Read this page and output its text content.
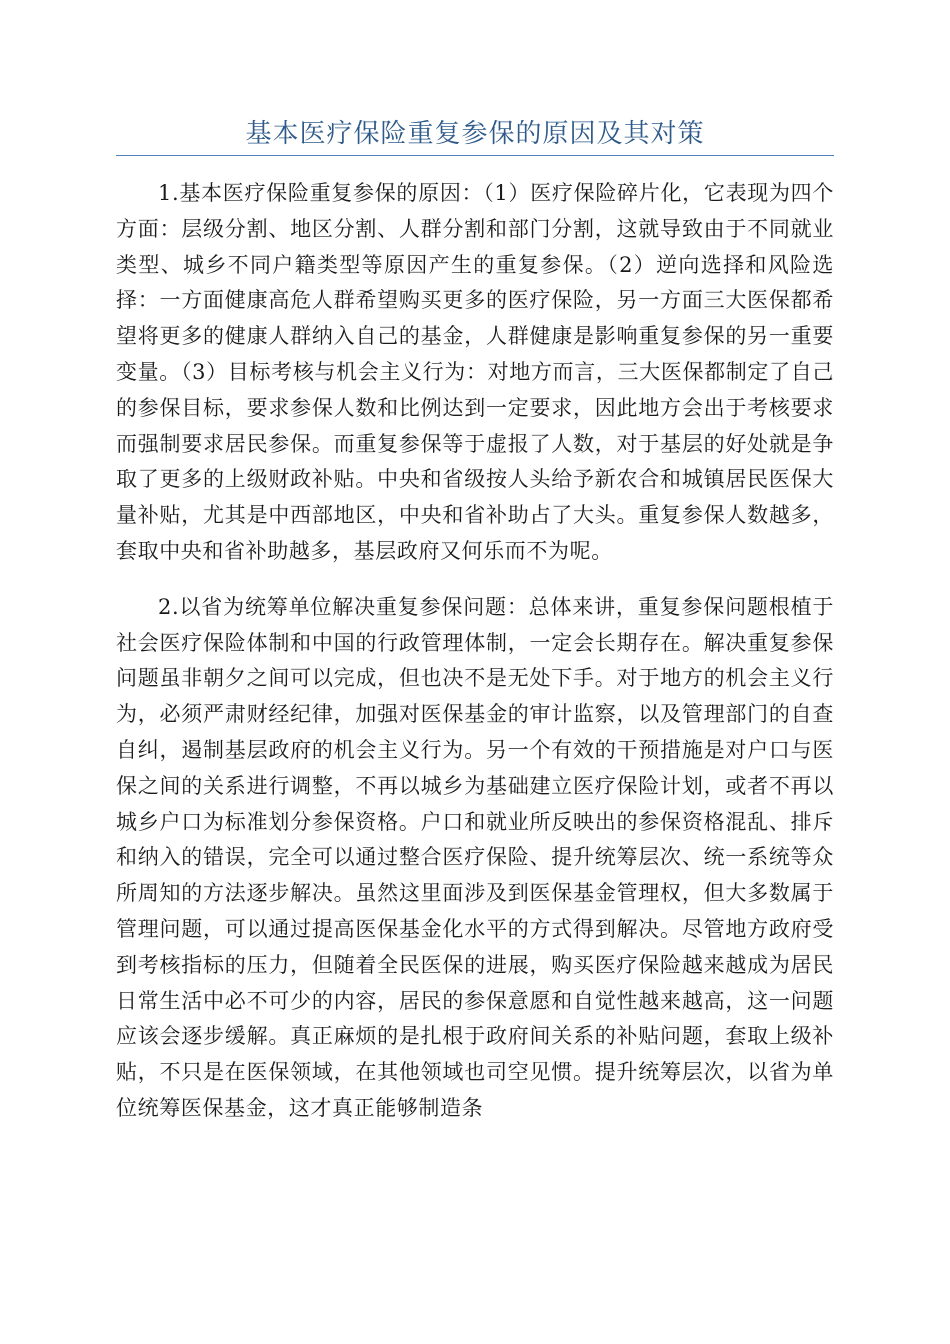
基本医疗保险重复参保的原因及其对策

1.基本医疗保险重复参保的原因：（1）医疗保险碎片化，它表现为四个方面：层级分割、地区分割、人群分割和部门分割，这就导致由于不同就业类型、城乡不同户籍类型等原因产生的重复参保。（2）逆向选择和风险选择：一方面健康高危人群希望购买更多的医疗保险，另一方面三大医保都希望将更多的健康人群纳入自己的基金，人群健康是影响重复参保的另一重要变量。（3）目标考核与机会主义行为：对地方而言，三大医保都制定了自己的参保目标，要求参保人数和比例达到一定要求，因此地方会出于考核要求而强制要求居民参保。而重复参保等于虚报了人数，对于基层的好处就是争取了更多的上级财政补贴。中央和省级按人头给予新农合和城镇居民医保大量补贴，尤其是中西部地区，中央和省补助占了大头。重复参保人数越多，套取中央和省补助越多，基层政府又何乐而不为呢。

2.以省为统筹单位解决重复参保问题：总体来讲，重复参保问题根植于社会医疗保险体制和中国的行政管理体制，一定会长期存在。解决重复参保问题虽非朝夕之间可以完成，但也决不是无处下手。对于地方的机会主义行为，必须严肃财经纪律，加强对医保基金的审计监察，以及管理部门的自查自纠，遏制基层政府的机会主义行为。另一个有效的干预措施是对户口与医保之间的关系进行调整，不再以城乡为基础建立医疗保险计划，或者不再以城乡户口为标准划分参保资格。户口和就业所反映出的参保资格混乱、排斥和纳入的错误，完全可以通过整合医疗保险、提升统筹层次、统一系统等众所周知的方法逐步解决。虽然这里面涉及到医保基金管理权，但大多数属于管理问题，可以通过提高医保基金化水平的方式得到解决。尽管地方政府受到考核指标的压力，但随着全民医保的进展，购买医疗保险越来越成为居民日常生活中必不可少的内容，居民的参保意愿和自觉性越来越高，这一问题应该会逐步缓解。真正麻烦的是扎根于政府间关系的补贴问题，套取上级补贴，不只是在医保领域，在其他领域也司空见惯。提升统筹层次，以省为单位统筹医保基金，这才真正能够制造条
